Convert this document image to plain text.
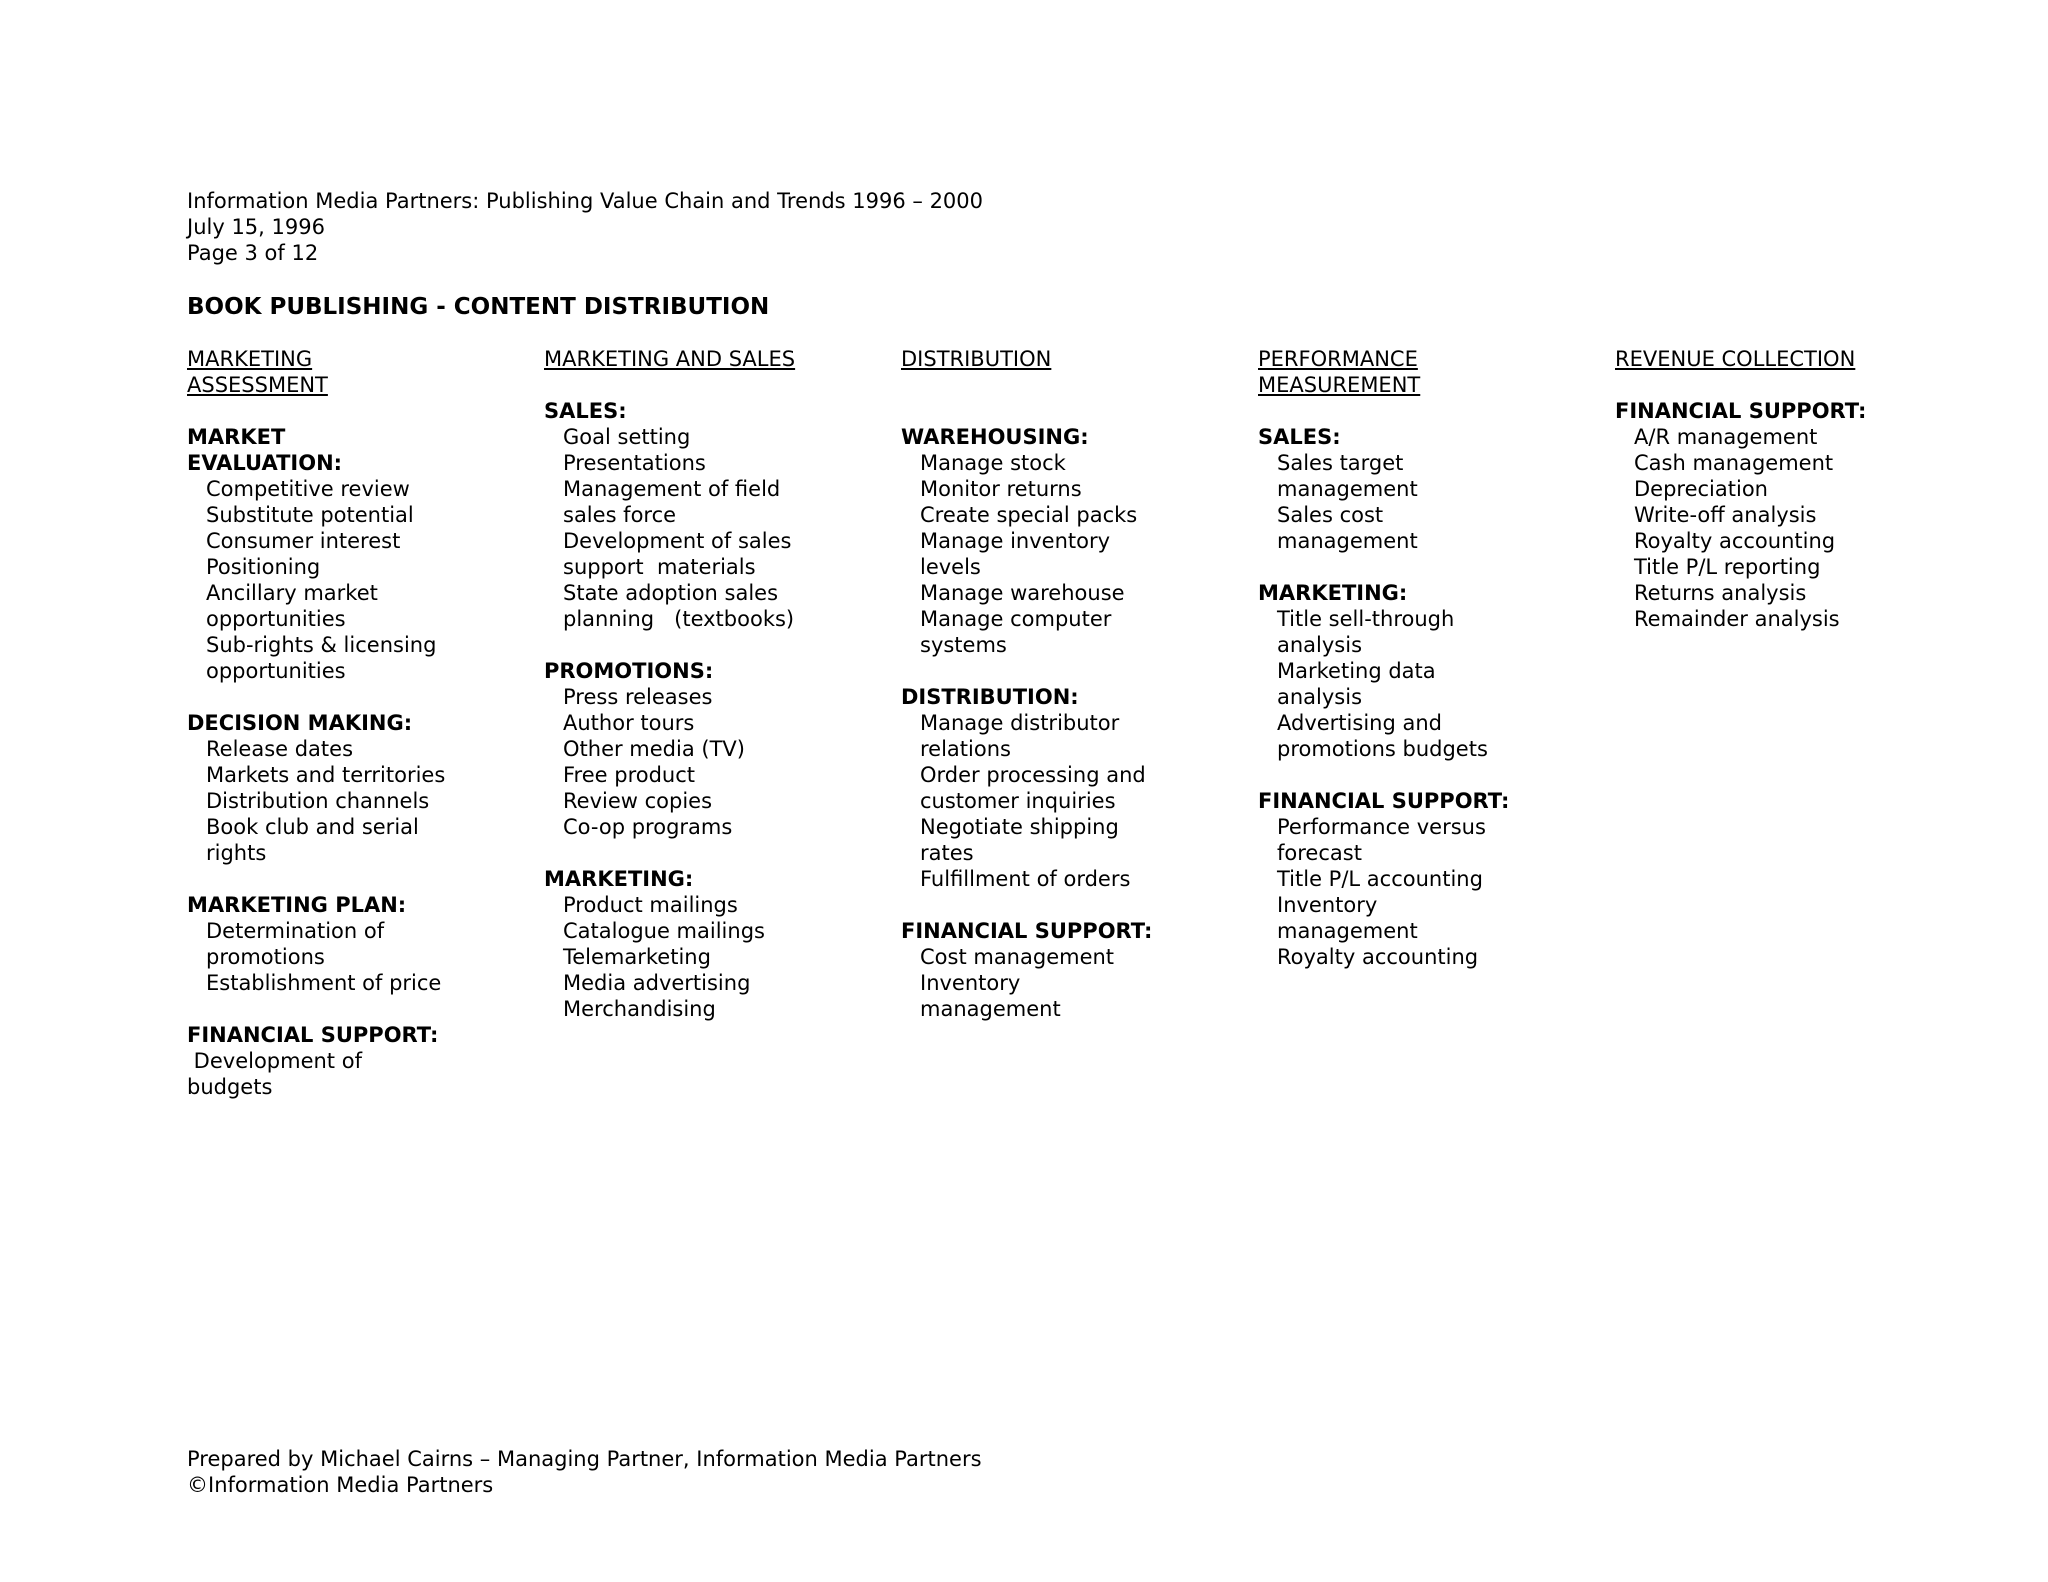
Information Media Partners: Publishing Value Chain and Trends 1996 – 2000
July 15, 1996
Page 3 of 12
BOOK PUBLISHING - CONTENT DISTRIBUTION
MARKETING
ASSESSMENT
MARKET
EVALUATION:
Competitive review
Substitute potential
Consumer interest
Positioning
Ancillary market
opportunities
Sub-rights & licensing
opportunities
DECISION MAKING:
Release dates
Markets and territories
Distribution channels
Book club and serial
rights
MARKETING PLAN:
Determination of
promotions
Establishment of price
FINANCIAL SUPPORT:
Development of
budgets
MARKETING AND SALES
SALES:
Goal setting
Presentations
Management of field
sales force
Development of sales
support  materials
State adoption sales
planning   (textbooks)
PROMOTIONS:
Press releases
Author tours
Other media (TV)
Free product
Review copies
Co-op programs
MARKETING:
Product mailings
Catalogue mailings
Telemarketing
Media advertising
Merchandising
DISTRIBUTION
WAREHOUSING:
Manage stock
Monitor returns
Create special packs
Manage inventory
levels
Manage warehouse
Manage computer
systems
DISTRIBUTION:
Manage distributor
relations
Order processing and
customer inquiries
Negotiate shipping
rates
Fulfillment of orders
FINANCIAL SUPPORT:
Cost management
Inventory
management
PERFORMANCE
MEASUREMENT
SALES:
Sales target
management
Sales cost
management
MARKETING:
Title sell-through
analysis
Marketing data
analysis
Advertising and
promotions budgets
FINANCIAL SUPPORT:
Performance versus
forecast
Title P/L accounting
Inventory
management
Royalty accounting
REVENUE COLLECTION
FINANCIAL SUPPORT:
A/R management
Cash management
Depreciation
Write-off analysis
Royalty accounting
Title P/L reporting
Returns analysis
Remainder analysis
Prepared by Michael Cairns – Managing Partner, Information Media Partners
©Information Media Partners
